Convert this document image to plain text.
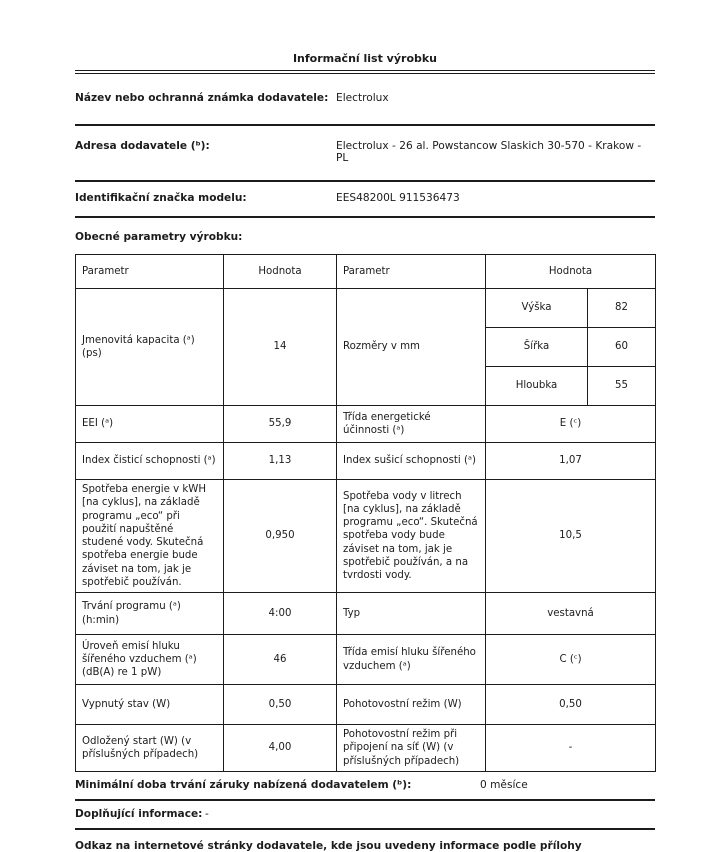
Informační list výrobku
Název nebo ochranná známka dodavatele: Electrolux
Adresa dodavatele (ᵇ):	Electrolux - 26 al. Powstancow Slaskich 30-570 - Krakow - PL
Identifikační značka modelu:	EES48200L 911536473
Obecné parametry výrobku:
Parametr	Hodnota	Parametr	Hodnota	
Jmenovitá kapacita (ᵃ) (ps)	14	Rozměry v mm	Výška	82
			Šířka	60
			Hloubka	55
EEI (ᵃ)	55,9	Třída energetické účinnosti (ᵃ)	E (ᶜ)	
Index čisticí schopnosti (ᵃ)	1,13	Index sušicí schopnosti (ᵃ)	1,07	
Spotřeba energie v kWH [na cyklus], na základě programu „eco“ při použití napuštěné studené vody. Skutečná spotřeba energie bude záviset na tom, jak je spotřebič používán.	0,950	Spotřeba vody v litrech [na cyklus], na základě programu „eco“. Skutečná spotřeba vody bude záviset na tom, jak je spotřebič používán, a na tvrdosti vody.	10,5	
Trvání programu (ᵃ) (h:min)	4:00	Typ	vestavná	
Úroveň emisí hluku šířeného vzduchem (ᵃ) (dB(A) re 1 pW)	46	Třída emisí hluku šířeného vzduchem (ᵃ)	C (ᶜ)	
Vypnutý stav (W)	0,50	Pohotovostní režim (W)	0,50	
Odložený start (W) (v příslušných případech)	4,00	Pohotovostní režim při připojení na síť (W) (v příslušných případech)	-	
Minimální doba trvání záruky nabízená dodavatelem (ᵇ):	0 měsíce
Doplňující informace: -
Odkaz na internetové stránky dodavatele, kde jsou uvedeny informace podle přílohy
